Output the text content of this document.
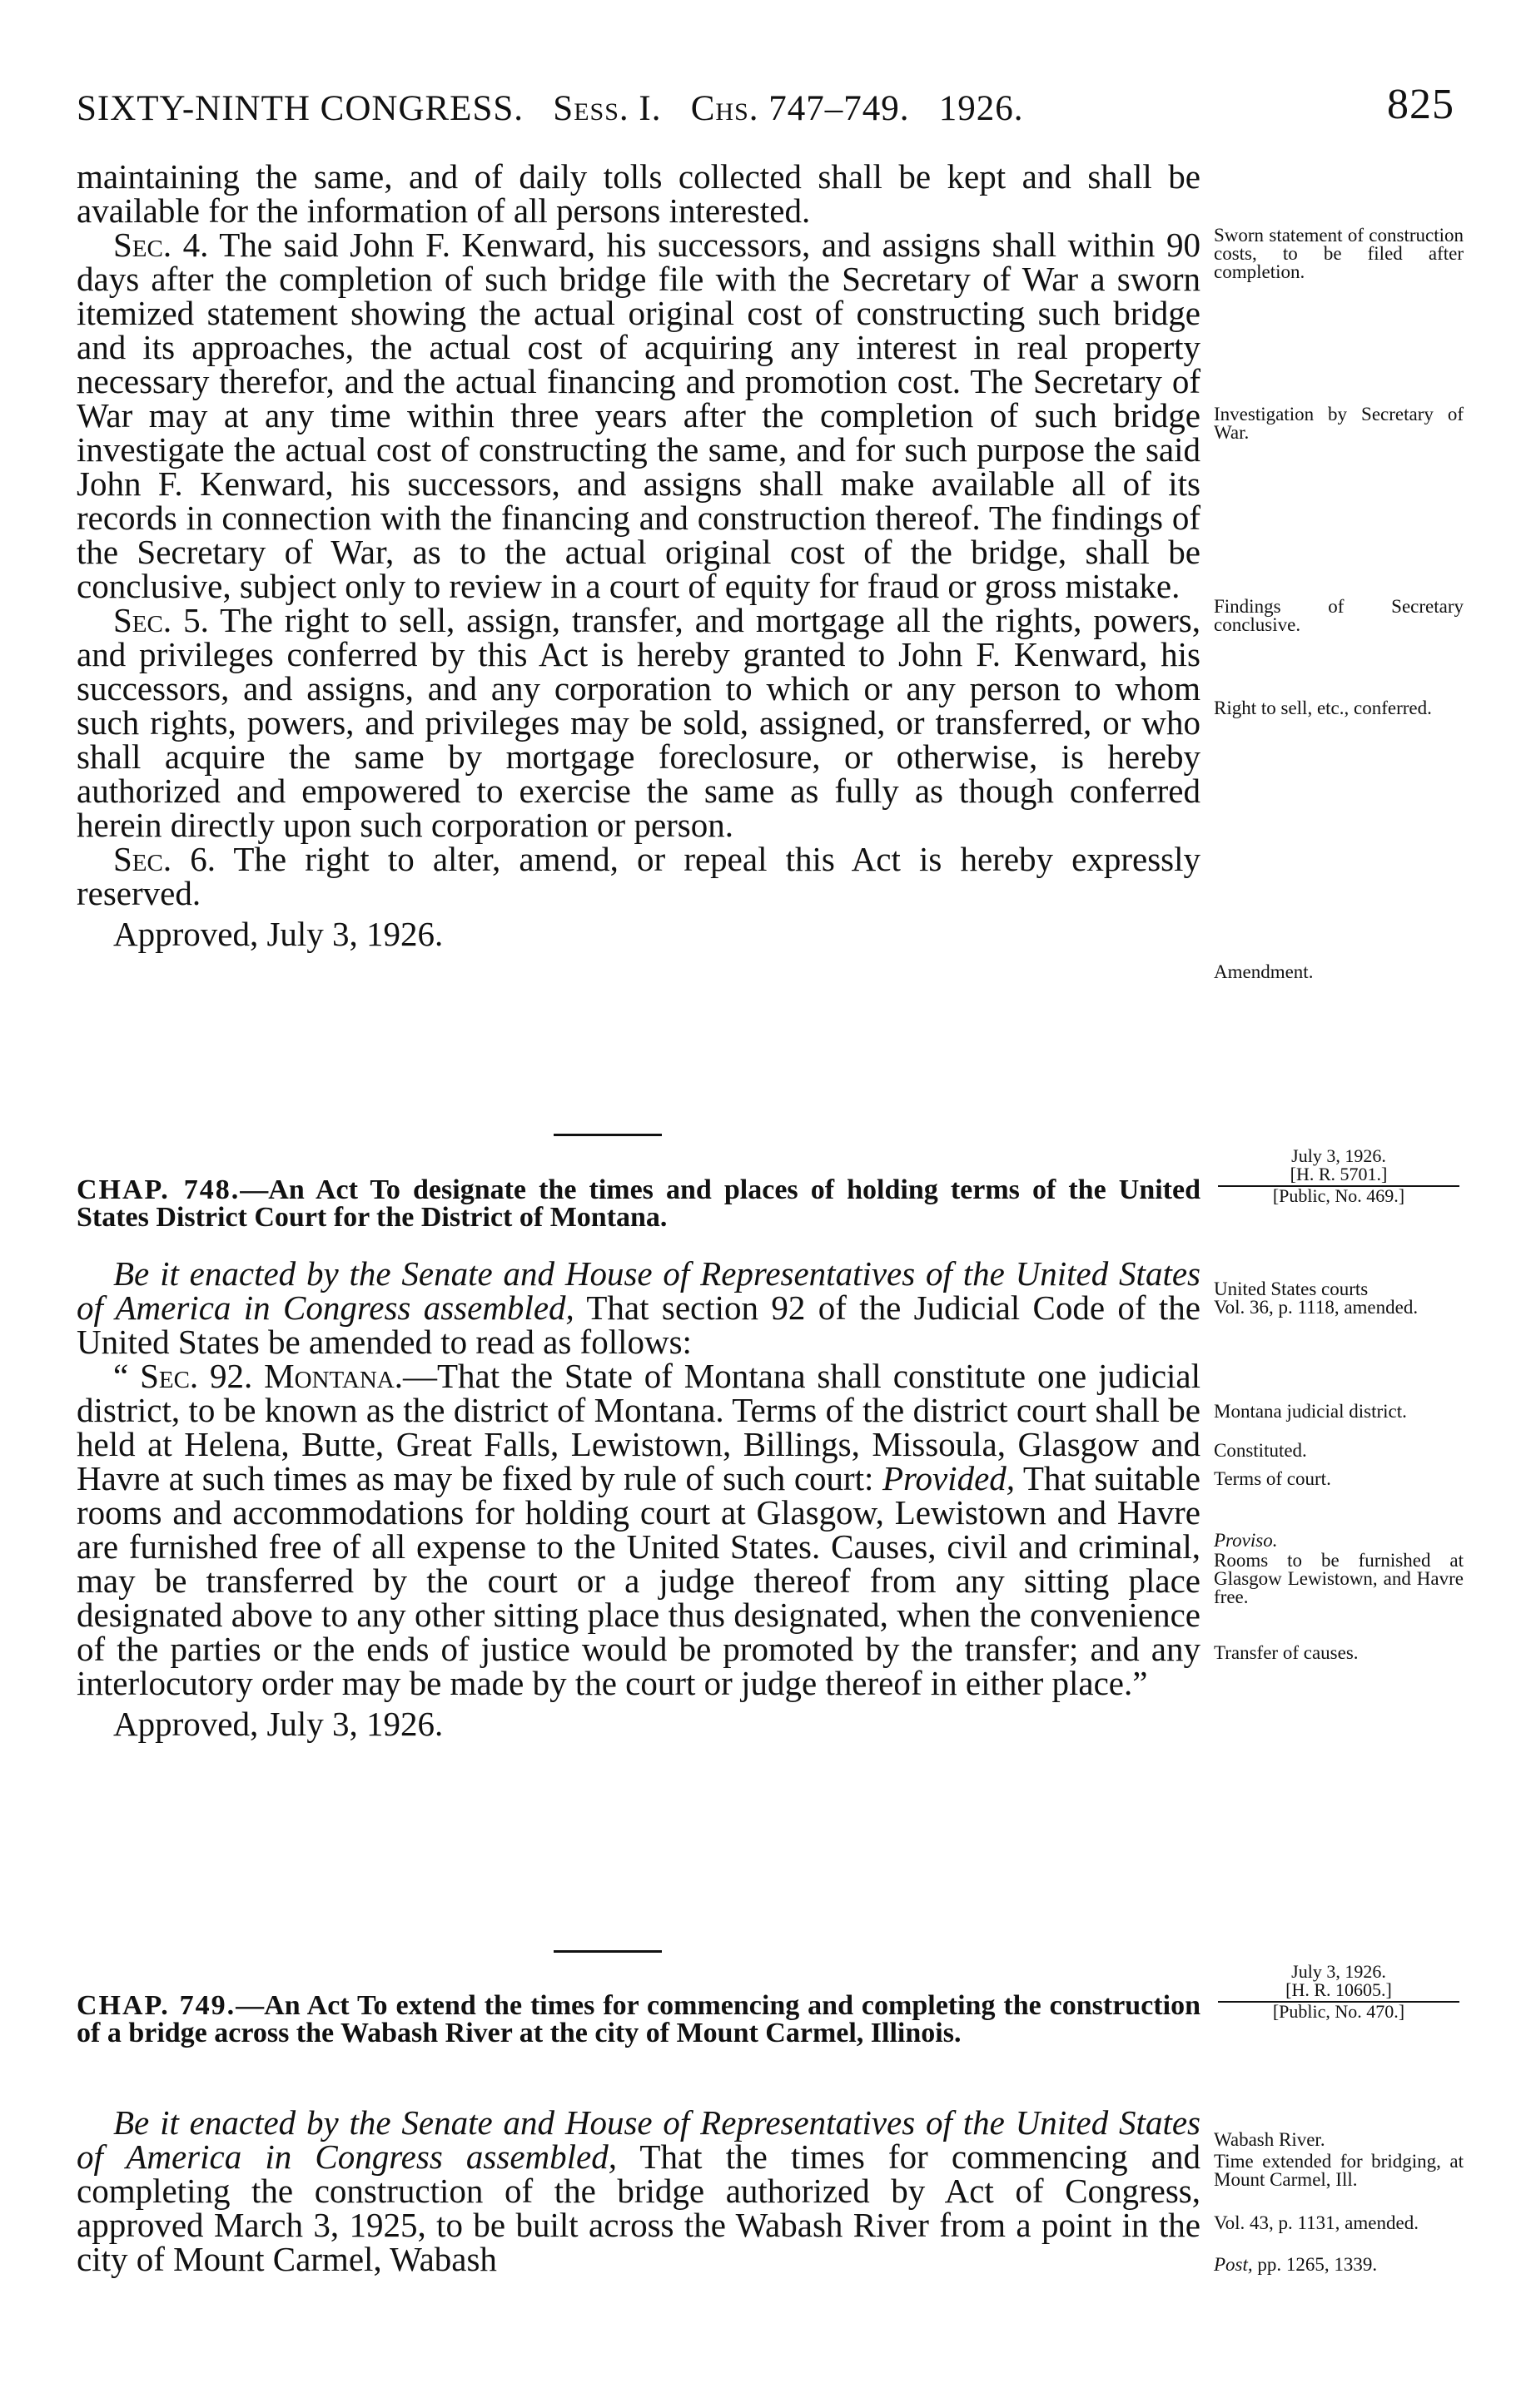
SIXTY-NINTH CONGRESS. Sess. I. Chs. 747–749. 1926.	825

maintaining the same, and of daily tolls collected shall be kept and shall be available for the information of all persons interested.

Sec. 4. The said John F. Kenward, his successors, and assigns shall within 90 days after the completion of such bridge file with the Secretary of War a sworn itemized statement showing the actual original cost of constructing such bridge and its approaches, the actual cost of acquiring any interest in real property necessary therefor, and the actual financing and promotion cost. The Secretary of War may at any time within three years after the completion of such bridge investigate the actual cost of constructing the same, and for such purpose the said John F. Kenward, his successors, and assigns shall make available all of its records in connection with the financing and construction thereof. The findings of the Secretary of War, as to the actual original cost of the bridge, shall be conclusive, subject only to review in a court of equity for fraud or gross mistake.

Sec. 5. The right to sell, assign, transfer, and mortgage all the rights, powers, and privileges conferred by this Act is hereby granted to John F. Kenward, his successors, and assigns, and any corporation to which or any person to whom such rights, powers, and privileges may be sold, assigned, or transferred, or who shall acquire the same by mortgage foreclosure, or otherwise, is hereby authorized and empowered to exercise the same as fully as though conferred herein directly upon such corporation or person.

Sec. 6. The right to alter, amend, or repeal this Act is hereby expressly reserved.

Approved, July 3, 1926.

Sworn statement of construction costs, to be filed after completion.
Investigation by Secretary of War.
Findings of Secretary conclusive.
Right to sell, etc., conferred.
Amendment.
July 3, 1926.
[H. R. 5701.]
[Public, No. 469.]
CHAP. 748.—An Act To designate the times and places of holding terms of the United States District Court for the District of Montana.

Be it enacted by the Senate and House of Representatives of the United States of America in Congress assembled, That section 92 of the Judicial Code of the United States be amended to read as follows:

“ Sec. 92. Montana.—That the State of Montana shall constitute one judicial district, to be known as the district of Montana. Terms of the district court shall be held at Helena, Butte, Great Falls, Lewistown, Billings, Missoula, Glasgow and Havre at such times as may be fixed by rule of such court: Provided, That suitable rooms and accommodations for holding court at Glasgow, Lewistown and Havre are furnished free of all expense to the United States. Causes, civil and criminal, may be transferred by the court or a judge thereof from any sitting place designated above to any other sitting place thus designated, when the convenience of the parties or the ends of justice would be promoted by the transfer; and any interlocutory order may be made by the court or judge thereof in either place.”

Approved, July 3, 1926.

United States courts
Vol. 36, p. 1118, amended.
Montana judicial district.
Constituted.
Terms of court.
Proviso.
Rooms to be furnished at Glasgow Lewistown, and Havre free.
Transfer of causes.
July 3, 1926.
[H. R. 10605.]
[Public, No. 470.]
CHAP. 749.—An Act To extend the times for commencing and completing the construction of a bridge across the Wabash River at the city of Mount Carmel, Illinois.

Be it enacted by the Senate and House of Representatives of the United States of America in Congress assembled, That the times for commencing and completing the construction of the bridge authorized by Act of Congress, approved March 3, 1925, to be built across the Wabash River from a point in the city of Mount Carmel, Wabash

Wabash River.
Time extended for bridging, at Mount Carmel, Ill.
Vol. 43, p. 1131, amended.
Post, pp. 1265, 1339.
